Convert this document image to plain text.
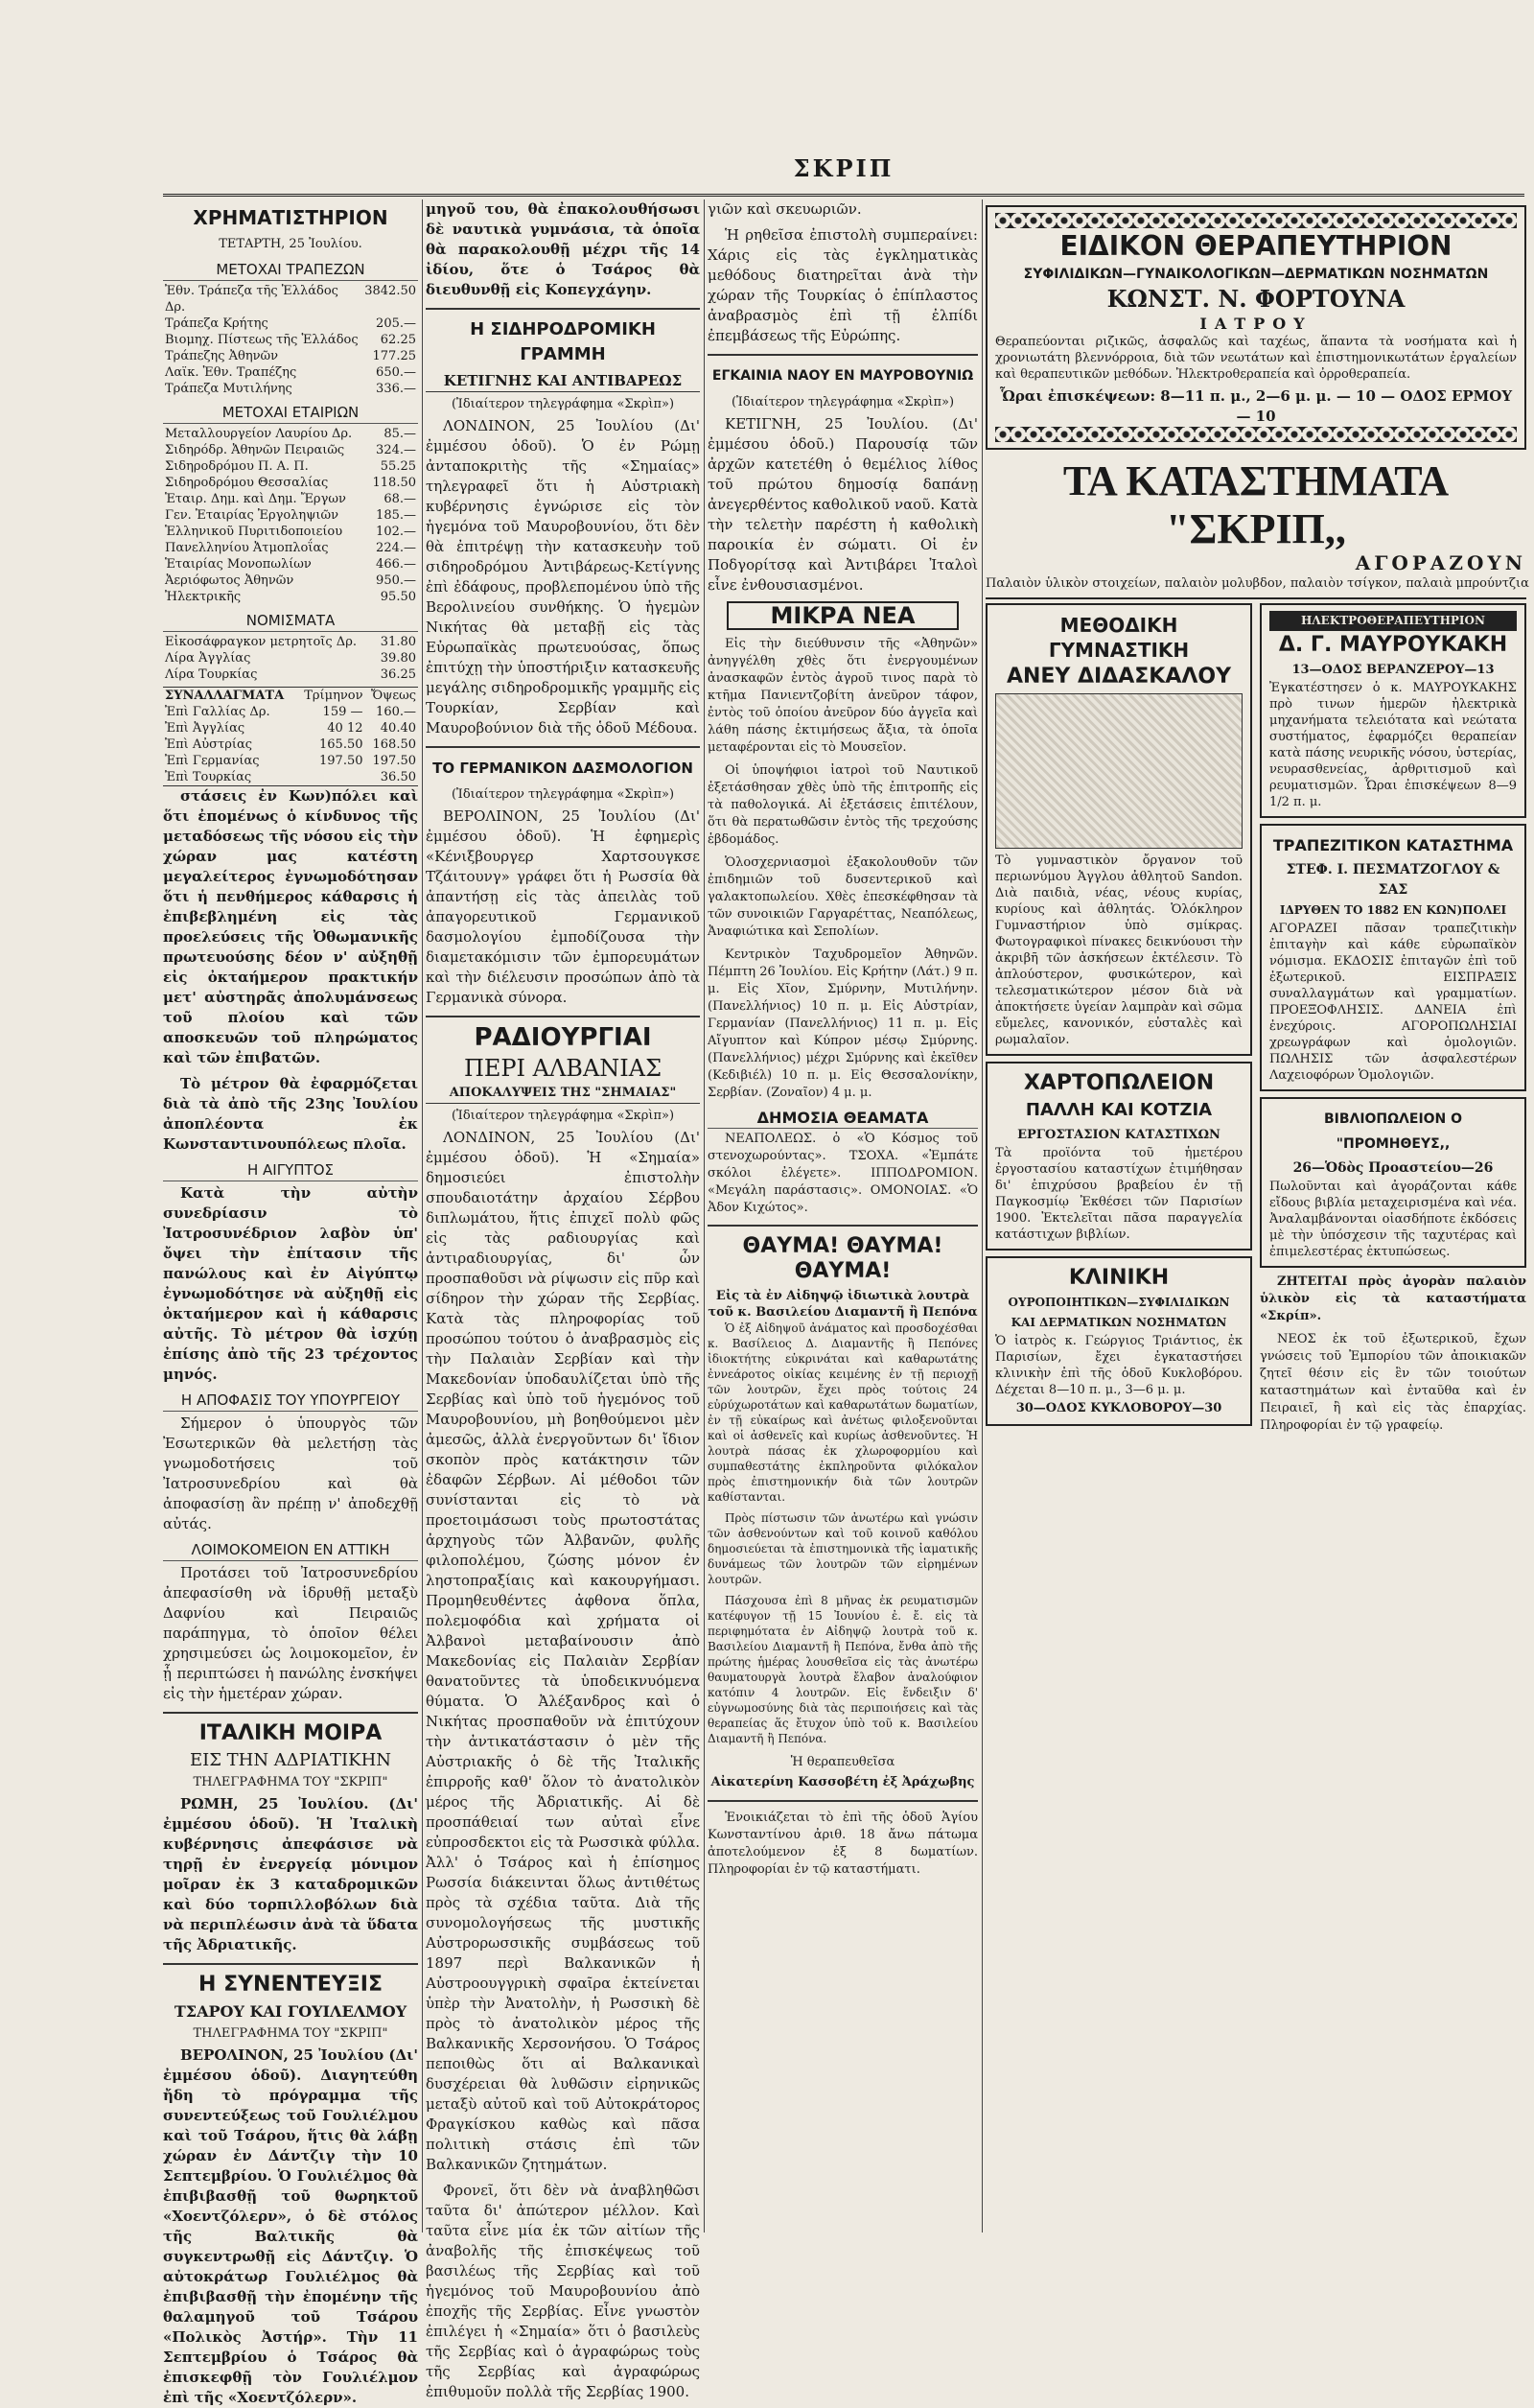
ΣΚΡΙΠ
ΧΡΗΜΑΤΙΣΤΗΡΙΟΝ
ΤΕΤΑΡΤΗ, 25 Ἰουλίου.
ΜΕΤΟΧΑΙ ΤΡΑΠΕΖΩΝ
Ἐθν. Τράπεζα τῆς Ἑλλάδος Δρ.	3842.50
Τράπεζα Κρήτης	205.—
Βιομηχ. Πίστεως τῆς Ἑλλάδος	62.25
Τράπεζης Ἀθηνῶν	177.25
Λαϊκ. Ἐθν. Τραπέζης	650.—
Τράπεζα Μυτιλήνης	336.—
ΜΕΤΟΧΑΙ ΕΤΑΙΡΙΩΝ
Μεταλλουργείον Λαυρίου Δρ.	85.—
Σιδηρόδρ. Ἀθηνῶν Πειραιῶς	324.—
Σιδηροδρόμου Π. Α. Π.	55.25
Σιδηροδρόμου Θεσσαλίας	118.50
Ἑταιρ. Δημ. καὶ Δημ. Ἔργων	68.—
Γεν. Ἑταιρίας Ἐργοληψιῶν	185.—
Ἑλληνικοῦ Πυριτιδοποιείου	102.—
Πανελληνίου Ἀτμοπλοΐας	224.—
Ἑταιρίας Μονοπωλίων	466.—
Ἀεριόφωτος Ἀθηνῶν	950.—
Ἠλεκτρικῆς	95.50
ΝΟΜΙΣΜΑΤΑ
Εἰκοσάφραγκον μετρητοῖς Δρ.	31.80
Λίρα Ἀγγλίας	39.80
Λίρα Τουρκίας	36.25
ΣΥΝΑΛΛΑΓΜΑΤΑ	Τρίμηνον	Ὄψεως
Ἐπὶ Γαλλίας Δρ.	159 —	160.—
Ἐπὶ Ἀγγλίας	40 12	40.40
Ἐπὶ Αὐστρίας	165.50	168.50
Ἐπὶ Γερμανίας	197.50	197.50
Ἐπὶ Τουρκίας		36.50

στάσεις ἐν Κων)πόλει καὶ ὅτι ἐπομένως ὁ κίνδυνος τῆς μεταδόσεως τῆς νόσου εἰς τὴν χώραν μας κατέστη μεγαλείτερος ἐγνωμοδότησαν ὅτι ἡ πενθήμερος κάθαρσις ἡ ἐπιβεβλημένη εἰς τὰς προελεύσεις τῆς Ὀθωμανικῆς πρωτευούσης δέον ν' αὐξηθῇ εἰς ὀκταήμερον πρακτικήν μετ' αὐστηρᾶς ἀπολυμάνσεως τοῦ πλοίου καὶ τῶν αποσκευῶν τοῦ πληρώματος καὶ τῶν ἐπιβατῶν.

Τὸ μέτρον θὰ ἐφαρμόζεται διὰ τὰ ἀπὸ τῆς 23ης Ἰουλίου ἀποπλέοντα ἐκ Κωνσταντινουπόλεως πλοῖα.

Η ΑΙΓΥΠΤΟΣ

Κατὰ τὴν αὐτὴν συνεδρίασιν τὸ Ἰατροσυνέδριον λαβὸν ὑπ' ὄψει τὴν ἐπίτασιν τῆς πανώλους καὶ ἐν Αἰγύπτῳ ἐγνωμοδότησε νὰ αὐξηθῇ εἰς ὀκταήμερον καὶ ἡ κάθαρσις αὐτῆς. Τὸ μέτρον θὰ ἰσχύῃ ἐπίσης ἀπὸ τῆς 23 τρέχοντος μηνός.

Η ΑΠΟΦΑΣΙΣ ΤΟΥ ΥΠΟΥΡΓΕΙΟΥ

Σήμερον ὁ ὑπουργὸς τῶν Ἐσωτερικῶν θὰ μελετήσῃ τὰς γνωμοδοτήσεις τοῦ Ἰατροσυνεδρίου καὶ θὰ ἀποφασίσῃ ἂν πρέπῃ ν' ἀποδεχθῇ αὐτάς.

ΛΟΙΜΟΚΟΜΕΙΟΝ ΕΝ ΑΤΤΙΚΗ

Προτάσει τοῦ Ἰατροσυνεδρίου ἀπεφασίσθη νὰ ἱδρυθῇ μεταξὺ Δαφνίου καὶ Πειραιῶς παράπηγμα, τὸ ὁποῖον θέλει χρησιμεύσει ὡς λοιμοκομεῖον, ἐν ᾗ περιπτώσει ἡ πανώλης ἐνσκήψει εἰς τὴν ἡμετέραν χώραν.

ΙΤΑΛΙΚΗ ΜΟΙΡΑ
ΕΙΣ ΤΗΝ ΑΔΡΙΑΤΙΚΗΝ
ΤΗΛΕΓΡΑΦΗΜΑ ΤΟΥ "ΣΚΡΙΠ"

ΡΩΜΗ, 25 Ἰουλίου. (Δι' ἐμμέσου ὁδοῦ). Ἡ Ἰταλικὴ κυβέρνησις ἀπεφάσισε νὰ τηρῇ ἐν ἐνεργείᾳ μόνιμον μοῖραν ἐκ 3 καταδρομικῶν καὶ δύο τορπιλλοβόλων διὰ νὰ περιπλέωσιν ἀνὰ τὰ ὕδατα τῆς Ἀδριατικῆς.

Η ΣΥΝΕΝΤΕΥΞΙΣ
ΤΣΑΡΟΥ ΚΑΙ ΓΟΥΙΛΕΛΜΟΥ
ΤΗΛΕΓΡΑΦΗΜΑ ΤΟΥ "ΣΚΡΙΠ"

ΒΕΡΟΛΙΝΟΝ, 25 Ἰουλίου (Δι' ἐμμέσου ὁδοῦ). Διαγητεύθη ἤδη τὸ πρόγραμμα τῆς συνεντεύξεως τοῦ Γουλιέλμου καὶ τοῦ Τσάρου, ἥτις θὰ λάβῃ χώραν ἐν Δάντζιγ τὴν 10 Σεπτεμβρίου. Ὁ Γουλιέλμος θὰ ἐπιβιβασθῇ τοῦ θωρηκτοῦ «Χοεντζόλερν», ὁ δὲ στόλος τῆς Βαλτικῆς θὰ συγκεντρωθῇ εἰς Δάντζιγ. Ὁ αὐτοκράτωρ Γουλιέλμος θὰ ἐπιβιβασθῇ τὴν ἐπομένην τῆς θαλαμηγοῦ τοῦ Τσάρου «Πολικὸς Ἀστήρ». Τὴν 11 Σεπτεμβρίου ὁ Τσάρος θὰ ἐπισκεφθῇ τὸν Γουλιέλμον ἐπὶ τῆς «Χοεντζόλερν».

μηγοῦ του, θὰ ἐπακολουθήσωσι δὲ ναυτικὰ γυμνάσια, τὰ ὁποῖα θὰ παρακολουθῇ μέχρι τῆς 14 ἰδίου, ὅτε ὁ Τσάρος θὰ διευθυνθῇ εἰς Κοπεγχάγην.

Η ΣΙΔΗΡΟΔΡΟΜΙΚΗ ΓΡΑΜΜΗ
ΚΕΤΙΓΝΗΣ ΚΑΙ ΑΝΤΙΒΑΡΕΩΣ
(Ἰδιαίτερον τηλεγράφημα «Σκρὶπ»)

ΛΟΝΔΙΝΟΝ, 25 Ἰουλίου (Δι' ἐμμέσου ὁδοῦ). Ὁ ἐν Ρώμῃ ἀνταποκριτὴς τῆς «Σημαίας» τηλεγραφεῖ ὅτι ἡ Αὐστριακὴ κυβέρνησις ἐγνώρισε εἰς τὸν ἡγεμόνα τοῦ Μαυροβουνίου, ὅτι δὲν θὰ ἐπιτρέψῃ τὴν κατασκευὴν τοῦ σιδηροδρόμου Ἀντιβάρεως-Κετίγνης ἐπὶ ἐδάφους, προβλεπομένου ὑπὸ τῆς Βερολινείου συνθήκης. Ὁ ἡγεμὼν Νικήτας θὰ μεταβῇ εἰς τὰς Εὐρωπαϊκὰς πρωτευούσας, ὅπως ἐπιτύχῃ τὴν ὑποστήριξιν κατασκευῆς μεγάλης σιδηροδρομικῆς γραμμῆς εἰς Τουρκίαν, Σερβίαν καὶ Μαυροβούνιον διὰ τῆς ὁδοῦ Μέδουα.

ΤΟ ΓΕΡΜΑΝΙΚΟΝ ΔΑΣΜΟΛΟΓΙΟΝ
(Ἰδιαίτερον τηλεγράφημα «Σκρὶπ»)

ΒΕΡΟΛΙΝΟΝ, 25 Ἰουλίου (Δι' ἐμμέσου ὁδοῦ). Ἡ ἐφημερὶς «Κένιξβουργερ Χαρτσουγκσε Τζάιτουνγ» γράφει ὅτι ἡ Ρωσσία θὰ ἀπαντήσῃ εἰς τὰς ἀπειλὰς τοῦ ἀπαγορευτικοῦ Γερμανικοῦ δασμολογίου ἐμποδίζουσα τὴν διαμετακόμισιν τῶν ἐμπορευμάτων καὶ τὴν διέλευσιν προσώπων ἀπὸ τὰ Γερμανικὰ σύνορα.

ΡΑΔΙΟΥΡΓΙΑΙ
ΠΕΡΙ ΑΛΒΑΝΙΑΣ
ΑΠΟΚΑΛΥΨΕΙΣ ΤΗΣ "ΣΗΜΑΙΑΣ"
(Ἰδιαίτερον τηλεγράφημα «Σκρὶπ»)

ΛΟΝΔΙΝΟΝ, 25 Ἰουλίου (Δι' ἐμμέσου ὁδοῦ). Ἡ «Σημαία» δημοσιεύει ἐπιστολὴν σπουδαιοτάτην ἀρχαίου Σέρβου διπλωμάτου, ἥτις ἐπιχεῖ πολὺ φῶς εἰς τὰς ραδιουργίας καὶ ἀντιραδιουργίας, δι' ὧν προσπαθοῦσι νὰ ρίψωσιν εἰς πῦρ καὶ σίδηρον τὴν χώραν τῆς Σερβίας. Κατὰ τὰς πληροφορίας τοῦ προσώπου τούτου ὁ ἀναβρασμὸς εἰς τὴν Παλαιὰν Σερβίαν καὶ τὴν Μακεδονίαν ὑποδαυλίζεται ὑπὸ τῆς Σερβίας καὶ ὑπὸ τοῦ ἡγεμόνος τοῦ Μαυροβουνίου, μὴ βοηθούμενοι μὲν ἀμεσῶς, ἀλλὰ ἐνεργοῦντων δι' ἴδιον σκοπὸν πρὸς κατάκτησιν τῶν ἐδαφῶν Σέρβων. Αἱ μέθοδοι τῶν συνίστανται εἰς τὸ νὰ προετοιμάσωσι τοὺς πρωτοστάτας ἀρχηγοὺς τῶν Ἀλβανῶν, φυλῆς φιλοπολέμου, ζώσης μόνον ἐν ληστοπραξίαις καὶ κακουργήμασι. Προμηθευθέντες ἀφθονα ὅπλα, πολεμοφόδια καὶ χρήματα οἱ Ἀλβανοὶ μεταβαίνουσιν ἀπὸ Μακεδονίας εἰς Παλαιὰν Σερβίαν θανατοῦντες τὰ ὑποδεικνυόμενα θύματα. Ὁ Ἀλέξανδρος καὶ ὁ Νικήτας προσπαθοῦν νὰ ἐπιτύχουν τὴν ἀντικατάστασιν ὁ μὲν τῆς Αὐστριακῆς ὁ δὲ τῆς Ἰταλικῆς ἐπιρροῆς καθ' ὅλον τὸ ἀνατολικὸν μέρος τῆς Ἀδριατικῆς. Αἱ δὲ προσπάθειαί των αὐταὶ εἶνε εὐπροσδεκτοι εἰς τὰ Ρωσσικὰ φύλλα. Ἀλλ' ὁ Τσάρος καὶ ἡ ἐπίσημος Ρωσσία διάκεινται ὅλως ἀντιθέτως πρὸς τὰ σχέδια ταῦτα. Διὰ τῆς συνομολογήσεως τῆς μυστικῆς Αὐστρορωσσικῆς συμβάσεως τοῦ 1897 περὶ Βαλκανικῶν ἡ Αὐστροουγγρικὴ σφαῖρα ἐκτείνεται ὑπὲρ τὴν Ἀνατολὴν, ἡ Ρωσσικὴ δὲ πρὸς τὸ ἀνατολικὸν μέρος τῆς Βαλκανικῆς Χερσονήσου. Ὁ Τσάρος πεποιθὼς ὅτι αἱ Βαλκανικαὶ δυσχέρειαι θὰ λυθῶσιν εἰρηνικῶς μεταξὺ αὐτοῦ καὶ τοῦ Αὐτοκράτορος Φραγκίσκου καθὼς καὶ πᾶσα πολιτικὴ στάσις ἐπὶ τῶν Βαλκανικῶν ζητημάτων.

Φρονεῖ, ὅτι δὲν νὰ ἀναβληθῶσι ταῦτα δι' ἀπώτερον μέλλον. Καὶ ταῦτα εἶνε μία ἐκ τῶν αἰτίων τῆς ἀναβολῆς τῆς ἐπισκέψεως τοῦ βασιλέως τῆς Σερβίας καὶ τοῦ ἡγεμόνος τοῦ Μαυροβουνίου ἀπὸ ἐποχῆς τῆς Σερβίας. Εἶνε γνωστὸν ἐπιλέγει ἡ «Σημαία» ὅτι ὁ βασιλεὺς τῆς Σερβίας καὶ ὁ ἀγραφώρως τοὺς τῆς Σερβίας καὶ ἀγραφώρως ἐπιθυμοῦν πολλὰ τῆς Σερβίας 1900.

γιῶν καὶ σκευωριῶν.

Ἡ ρηθεῖσα ἐπιστολὴ συμπεραίνει: Χάρις εἰς τὰς ἐγκληματικὰς μεθόδους διατηρεῖται ἀνὰ τὴν χώραν τῆς Τουρκίας ὁ ἐπίπλαστος ἀναβρασμὸς ἐπὶ τῇ ἐλπίδι ἐπεμβάσεως τῆς Εὐρώπης.

ΕΓΚΑΙΝΙΑ ΝΑΟΥ ΕΝ ΜΑΥΡΟΒΟΥΝΙΩ
(Ἰδιαίτερον τηλεγράφημα «Σκρὶπ»)

ΚΕΤΙΓΝΗ, 25 Ἰουλίου. (Δι' ἐμμέσου ὁδοῦ.) Παρουσίᾳ τῶν ἀρχῶν κατετέθη ὁ θεμέλιος λίθος τοῦ πρώτου δημοσίᾳ δαπάνῃ ἀνεγερθέντος καθολικοῦ ναοῦ. Κατὰ τὴν τελετὴν παρέστη ἡ καθολικὴ παροικία ἐν σώματι. Οἱ ἐν Ποδγορίτσᾳ καὶ Ἀντιβάρει Ἰταλοὶ εἶνε ἐνθουσιασμένοι.

ΜΙΚΡΑ ΝΕΑ

Εἰς τὴν διεύθυνσιν τῆς «Ἀθηνῶν» ἀνηγγέλθη χθὲς ὅτι ἐνεργουμένων ἀνασκαφῶν ἐντὸς ἀγροῦ τινος παρὰ τὸ κτῆμα Πανιεντζοβίτη ἀνεῦρον τάφον, ἐντὸς τοῦ ὁποίου ἀνεῦρον δύο ἀγγεῖα καὶ λάθη πάσης ἐκτιμήσεως ἄξια, τὰ ὁποῖα μεταφέρονται εἰς τὸ Μουσεῖον.

Οἱ ὑποψήφιοι ἰατροὶ τοῦ Ναυτικοῦ ἐξετάσθησαν χθὲς ὑπὸ τῆς ἐπιτροπῆς εἰς τὰ παθολογικά. Αἱ ἐξετάσεις ἐπιτέλουν, ὅτι θὰ περατωθῶσιν ἐντὸς τῆς τρεχούσης ἑβδομάδος.

Ὁλοσχερνιασμοὶ ἐξακολουθοῦν τῶν ἐπιδημιῶν τοῦ δυσεντερικοῦ καὶ γαλακτοπωλείου. Χθὲς ἐπεσκέφθησαν τὰ τῶν συνοικιῶν Γαργαρέττας, Νεαπόλεως, Ἀναφιώτικα καὶ Σεπολίων.

Κεντρικὸν Ταχυδρομεῖον Ἀθηνῶν. Πέμπτη 26 Ἰουλίου. Εἰς Κρήτην (Λάτ.) 9 π. μ. Εἰς Χῖον, Σμύρνην, Μυτιλήνην. (Πανελλήνιος) 10 π. μ. Εἰς Αὐστρίαν, Γερμανίαν (Πανελλήνιος) 11 π. μ. Εἰς Αἴγυπτον καὶ Κύπρον μέσῳ Σμύρνης. (Πανελλήνιος) μέχρι Σμύρνης καὶ ἐκεῖθεν (Κεδιβιέλ) 10 π. μ. Εἰς Θεσσαλονίκην, Σερβίαν. (Ζοναῖον) 4 μ. μ.

ΔΗΜΟΣΙΑ ΘΕΑΜΑΤΑ

ΝΕΑΠΟΛΕΩΣ. ὁ «Ὁ Κόσμος τοῦ στενοχωρούντας». ΤΣΟΧΑ. «Ἐμπάτε σκόλοι ἐλέγετε». ΙΠΠΟΔΡΟΜΙΟΝ. «Μεγάλη παράστασις». ΟΜΟΝΟΙΑΣ. «Ὁ Ἀδον Κιχώτος».

ΘΑΥΜΑ! ΘΑΥΜΑ! ΘΑΥΜΑ!
Εἰς τὰ ἐν Αἰδηψῷ ἰδιωτικὰ λουτρὰ τοῦ κ. Βασιλείου Διαμαντῆ ἢ Πεπόνα

Ὁ ἐξ Αἰδηψοῦ ἀνάματος καὶ προσδοχέσθαι κ. Βασίλειος Δ. Διαμαντῆς ἢ Πεπόνες ἰδιοκτήτης εὐκρινάται καὶ καθαρωτάτης ἐννεάροτος οἰκίας κειμένης ἐν τῇ περιοχῇ τῶν λουτρῶν, ἔχει πρὸς τούτοις 24 εὐρύχωροτάτων καὶ καθαρωτάτων δωματίων, ἐν τῇ εὐκαίρως καὶ ἀνέτως φιλοξενοῦνται καὶ οἱ ἀσθενεῖς καὶ κυρίως ἀσθενοῦντες. Ἡ λουτρὰ πάσας ἐκ χλωροφορμίου καὶ συμπαθεστάτης ἐκπληροῦντα φιλόκαλον πρὸς ἐπιστημονικήν διὰ τῶν λουτρῶν καθίστανται.

Πρὸς πίστωσιν τῶν ἀνωτέρω καὶ γνώσιν τῶν ἀσθενούντων καὶ τοῦ κοινοῦ καθόλου δημοσιεύεται τὰ ἐπιστημονικὰ τῆς ἰαματικῆς δυνάμεως τῶν λουτρῶν τῶν εἰρημένων λουτρῶν.

Πάσχουσα ἐπὶ 8 μῆνας ἐκ ρευματισμῶν κατέφυγον τῇ 15 Ἰουνίου ἐ. ἔ. εἰς τὰ περιφημότατα ἐν Αἰδηψῷ λουτρὰ τοῦ κ. Βασιλείου Διαμαντῆ ἢ Πεπόνα, ἔνθα ἀπὸ τῆς πρώτης ἡμέρας λουσθεῖσα εἰς τὰς ἀνωτέρω θαυματουργὰ λουτρὰ ἔλαβον ἀναλούφιον κατόπιν 4 λουτρῶν. Εἰς ἔνδειξιν δ' εὐγνωμοσύνης διὰ τὰς περιποιήσεις καὶ τὰς θεραπείας ἅς ἔτυχον ὑπὸ τοῦ κ. Βασιλείου Διαμαντῆ ἢ Πεπόνα.

Ἡ θεραπευθεῖσα
Αἰκατερίνη Κασσοβέτη ἐξ Ἀράχωβης

Ἐνοικιάζεται τὸ ἐπὶ τῆς ὁδοῦ Ἁγίου Κωνσταντίνου ἀριθ. 18 ἄνω πάτωμα ἀποτελούμενον ἐξ 8 δωματίων. Πληροφορίαι ἐν τῷ καταστήματι.

ΕΙΔΙΚΟΝ ΘΕΡΑΠΕΥΤΗΡΙΟΝ
ΣΥΦΙΛΙΔΙΚΩΝ—ΓΥΝΑΙΚΟΛΟΓΙΚΩΝ—ΔΕΡΜΑΤΙΚΩΝ ΝΟΣΗΜΑΤΩΝ
ΚΩΝΣΤ. Ν. ΦΟΡΤΟΥΝΑ
ΙΑΤΡΟΥ
Θεραπεύονται ριζικῶς, ἀσφαλῶς καὶ ταχέως, ἅπαντα τὰ νοσήματα καὶ ἡ χρονιωτάτη βλεννόρροια, διὰ τῶν νεωτάτων καὶ ἐπιστημονικωτάτων ἐργαλείων καὶ θεραπευτικῶν μεθόδων. Ἠλεκτροθεραπεία καὶ ὀρροθεραπεία.
Ὧραι ἐπισκέψεων: 8—11 π. μ., 2—6 μ. μ. — 10 — ΟΔΟΣ ΕΡΜΟΥ — 10
ΤΑ ΚΑΤΑΣΤΗΜΑΤΑ "ΣΚΡΙΠ,,
ΑΓΟΡΑΖΟΥΝ
Παλαιὸν ὑλικὸν στοιχείων, παλαιὸν μολυβδον, παλαιὸν τσίγκον, παλαιὰ μπρούντζια
ΜΕΘΟΔΙΚΗ ΓΥΜΝΑΣΤΙΚΗ
ΑΝΕΥ ΔΙΔΑΣΚΑΛΟΥ
Τὸ γυμναστικὸν ὄργανον τοῦ περιωνύμου Ἀγγλου ἀθλητοῦ Sandon. Διὰ παιδιὰ, νέας, νέους κυρίας, κυρίους καὶ ἀθλητάς. Ὁλόκληρον Γυμναστήριον ὑπὸ σμίκρας. Φωτογραφικοὶ πίνακες δεικνύουσι τὴν ἀκριβῆ τῶν ἀσκήσεων ἐκτέλεσιν. Τὸ ἁπλούστερον, φυσικώτερον, καὶ τελεσματικώτερον μέσον διὰ νὰ ἀποκτήσετε ὑγείαν λαμπρὰν καὶ σῶμα εὔμελες, κανονικόν, εὐσταλὲς καὶ ρωμαλαῖον.
ΧΑΡΤΟΠΩΛΕΙΟΝ
ΠΑΛΛΗ ΚΑΙ ΚΟΤΖΙΑ
ΕΡΓΟΣΤΑΣΙΟΝ ΚΑΤΑΣΤΙΧΩΝ
Τὰ προϊόντα τοῦ ἡμετέρου ἐργοστασίου καταστίχων ἐτιμήθησαν δι' ἐπιχρύσου βραβείου ἐν τῇ Παγκοσμίῳ Ἐκθέσει τῶν Παρισίων 1900. Ἐκτελεῖται πᾶσα παραγγελία κατάστιχων βιβλίων.
ΚΛΙΝΙΚΗ
ΟΥΡΟΠΟΙΗΤΙΚΩΝ—ΣΥΦΙΛΙΔΙΚΩΝ ΚΑΙ ΔΕΡΜΑΤΙΚΩΝ ΝΟΣΗΜΑΤΩΝ
Ὁ ἰατρὸς κ. Γεώργιος Τριάντιος, ἐκ Παρισίων, ἔχει ἐγκαταστήσει κλινικὴν ἐπὶ τῆς ὁδοῦ Κυκλοβόρου. Δέχεται 8—10 π. μ., 3—6 μ. μ.
30—ΟΔΟΣ ΚΥΚΛΟΒΟΡΟΥ—30
ΗΛΕΚΤΡΟΘΕΡΑΠΕΥΤΗΡΙΟΝ
Δ. Γ. ΜΑΥΡΟΥΚΑΚΗ
13—ΟΔΟΣ ΒΕΡΑΝΖΕΡΟΥ—13
Ἐγκατέστησεν ὁ κ. ΜΑΥΡΟΥΚΑΚΗΣ πρὸ τινων ἡμερῶν ἠλεκτρικὰ μηχανήματα τελειότατα καὶ νεώτατα συστήματος, ἐφαρμόζει θεραπείαν κατὰ πάσης νευρικῆς νόσου, ὑστερίας, νευρασθενείας, ἀρθριτισμοῦ καὶ ρευματισμῶν. Ὧραι ἐπισκέψεων 8—9 1/2 π. μ.
ΤΡΑΠΕΖΙΤΙΚΟΝ ΚΑΤΑΣΤΗΜΑ
ΣΤΕΦ. Ι. ΠΕΣΜΑΤΖΟΓΛΟΥ & ΣΑΣ
ΙΔΡΥΘΕΝ ΤΟ 1882 ΕΝ ΚΩΝ)ΠΟΛΕΙ
ΑΓΟΡΑΖΕΙ πᾶσαν τραπεζιτικὴν ἐπιταγὴν καὶ κάθε εὐρωπαϊκὸν νόμισμα. ΕΚΔΟΣΙΣ ἐπιταγῶν ἐπὶ τοῦ ἐξωτερικοῦ. ΕΙΣΠΡΑΞΙΣ συναλλαγμάτων καὶ γραμματίων. ΠΡΟΕΞΟΦΛΗΣΙΣ. ΔΑΝΕΙΑ ἐπὶ ἐνεχύροις. ΑΓΟΡΟΠΩΛΗΣΙΑΙ χρεωγράφων καὶ ὁμολογιῶν. ΠΩΛΗΣΙΣ τῶν ἀσφαλεστέρων Λαχειοφόρων Ὁμολογιῶν.
ΒΙΒΛΙΟΠΩΛΕΙΟΝ Ο "ΠΡΟΜΗΘΕΥΣ,,
26—Ὁδὸς Προαστείου—26
Πωλοῦνται καὶ ἀγοράζονται κάθε εἴδους βιβλία μεταχειρισμένα καὶ νέα. Ἀναλαμβάνονται οἰασδήποτε ἐκδόσεις μὲ τὴν ὑπόσχεσιν τῆς ταχυτέρας καὶ ἐπιμελεστέρας ἐκτυπώσεως.

ΖΗΤΕΙΤΑΙ πρὸς ἀγορὰν παλαιὸν ὑλικὸν εἰς τὰ καταστήματα «Σκρίπ».

ΝΕΟΣ ἐκ τοῦ ἐξωτερικοῦ, ἔχων γνώσεις τοῦ Ἐμπορίου τῶν ἀποικιακῶν ζητεῖ θέσιν εἰς ἓν τῶν τοιούτων καταστημάτων καὶ ἐνταῦθα καὶ ἐν Πειραιεῖ, ἢ καὶ εἰς τὰς ἐπαρχίας. Πληροφορίαι ἐν τῷ γραφείῳ.
